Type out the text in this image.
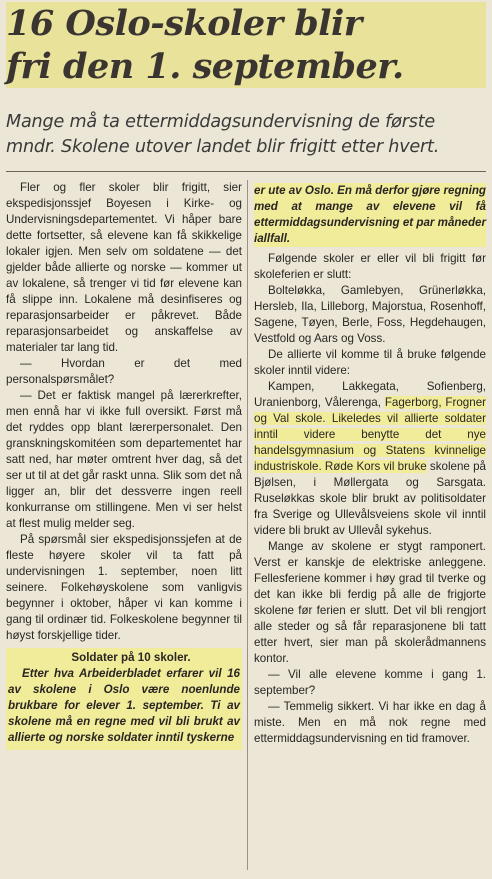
16 Oslo-skoler blir
fri den 1. september.
Mange må ta ettermiddagsundervisning de første
mndr. Skolene utover landet blir frigitt etter hvert.

Fler og fler skoler blir frigitt, sier ekspedisjonssjef Boyesen i Kirke- og Undervisningsdepartementet. Vi håper bare dette fortsetter, så elevene kan få skikkelige lokaler igjen. Men selv om soldatene — det gjelder både allierte og norske — kommer ut av lokalene, så trenger vi tid før elevene kan få slippe inn. Lokalene må desinfiseres og reparasjonsarbeider er påkrevet. Både reparasjonsarbeidet og anskaffelse av materialer tar lang tid.

— Hvordan er det med personalspørsmålet?

— Det er faktisk mangel på lærerkrefter, men ennå har vi ikke full oversikt. Først må det ryddes opp blant lærerpersonalet. Den granskningskomitéen som departementet har satt ned, har møter omtrent hver dag, så det ser ut til at det går raskt unna. Slik som det nå ligger an, blir det dessverre ingen reell konkurranse om stillingene. Men vi ser helst at flest mulig melder seg.

På spørsmål sier ekspedisjonssjefen at de fleste høyere skoler vil ta fatt på undervisningen 1. september, noen litt seinere. Folkehøyskolene som vanligvis begynner i oktober, håper vi kan komme i gang til ordinær tid. Folkeskolene begynner til høyst forskjellige tider.

Soldater på 10 skoler.

Etter hva Arbeiderbladet erfarer vil 16 av skolene i Oslo være noenlunde brukbare for elever 1. september. Ti av skolene må en regne med vil bli brukt av allierte og norske soldater inntil tyskerne

er ute av Oslo. En må derfor gjøre regning med at mange av elevene vil få ettermiddagsundervisning et par måneder iallfall.

Følgende skoler er eller vil bli frigitt før skoleferien er slutt:

Bolteløkka, Gamlebyen, Grünerløkka, Hersleb, Ila, Lilleborg, Majorstua, Rosenhoff, Sagene, Tøyen, Berle, Foss, Hegdehaugen, Vestfold og Aars og Voss.

De allierte vil komme til å bruke følgende skoler inntil videre:

Kampen, Lakkegata, Sofienberg, Uranienborg, Vålerenga, Fagerborg, Frogner og Val skole. Likeledes vil allierte soldater inntil videre benytte det nye handelsgymnasium og Statens kvinnelige industriskole. Røde Kors vil bruke skolene på Bjølsen, i Møllergata og Sarsgata. Ruseløkkas skole blir brukt av politisoldater fra Sverige og Ullevålsveiens skole vil inntil videre bli brukt av Ullevål sykehus.

Mange av skolene er stygt ramponert. Verst er kanskje de elektriske anleggene. Fellesferiene kommer i høy grad til tverke og det kan ikke bli ferdig på alle de frigjorte skolene før ferien er slutt. Det vil bli rengjort alle steder og så får reparasjonene bli tatt etter hvert, sier man på skolerådmannens kontor.

— Vil alle elevene komme i gang 1. september?

— Temmelig sikkert. Vi har ikke en dag å miste. Men en må nok regne med ettermiddagsundervisning en tid framover.
